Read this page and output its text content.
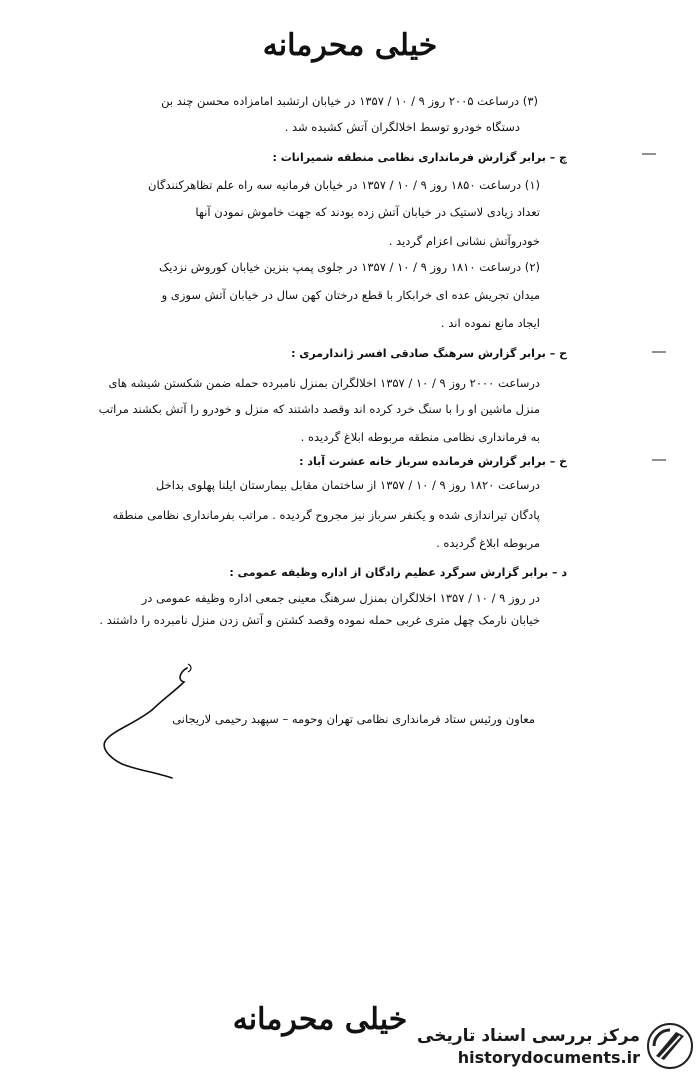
خیلی محرمانه
(۳) درساعت ۲۰۰۵ روز ۹ / ۱۰ / ۱۳۵۷ در خیابان ارتشبد امامزاده محسن چند بن
دستگاه خودرو توسط اخلالگران آتش کشیده شد .
چ – برابر گزارش فرمانداری نظامی منطقه شمیرانات :
(۱) درساعت ۱۸۵۰ روز ۹ / ۱۰ / ۱۳۵۷ در خیابان فرمانیه سه راه علم تظاهرکنندگان
تعداد زیادی لاستیک در خیابان آتش زده بودند که جهت خاموش نمودن آنها
خودروآتش نشانی اعزام گردید .
(۲) درساعت ۱۸۱۰ روز ۹ / ۱۰ / ۱۳۵۷ در جلوی پمپ بنزین خیابان کوروش نزدیک
میدان تجریش عده ای خرابکار با قطع درختان کهن سال در خیابان آتش سوزی و
ایجاد مانع نموده اند .
ح – برابر گزارش سرهنگ صادقی افسر ژاندارمری :
درساعت ۲۰۰۰ روز ۹ / ۱۰ / ۱۳۵۷ اخلالگران بمنزل نامبرده حمله ضمن شکستن شیشه های
منزل ماشین او را با سنگ خرد کرده اند وقصد داشتند که منزل و خودرو را آتش بکشند مراتب
به فرمانداری نظامی منطقه مربوطه ابلاغ گردیده .
خ – برابر گزارش فرمانده سرباز خانه عشرت آباد :
درساعت ۱۸۲۰ روز ۹ / ۱۰ / ۱۳۵۷ از ساختمان مقابل بیمارستان ایلنا پهلوی بداخل
پادگان تیراندازی شده و یکنفر سرباز نیز مجروح گردیده . مراتب بفرمانداری نظامی منطقه
مربوطه ابلاغ گردیده .
د – برابر گزارش سرگرد عظیم زادگان از اداره وظیفه عمومی :
در روز ۹ / ۱۰ / ۱۳۵۷ اخلالگران بمنزل سرهنگ معینی جمعی اداره وظیفه عمومی در
خیابان نارمک چهل متری غربی حمله نموده وقصد کشتن و آتش زدن منزل نامبرده را داشتند .
معاون ورئیس ستاد فرمانداری نظامی تهران وحومه – سپهبد رحیمی لاریجانی
خیلی محرمانه مرکز بررسی اسناد تاریخی
historydocuments.ir
